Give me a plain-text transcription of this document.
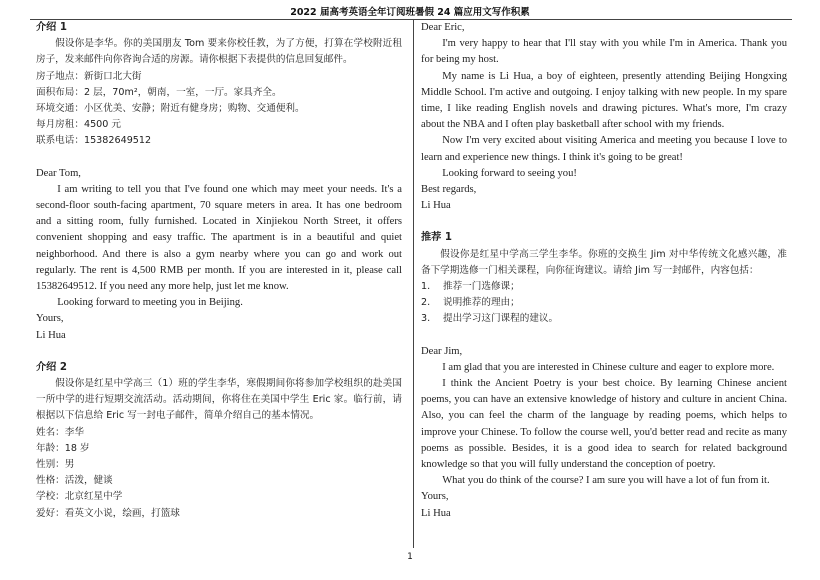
2022 届高考英语全年订阅班暑假 24 篇应用文写作积累
介绍 1
假设你是李华。你的美国朋友 Tom 要来你校任教，为了方便，打算在学校附近租房子，发来邮件向你咨询合适的房源。请你根据下表提供的信息回复邮件。
房子地点：新街口北大街
面积布局：2 层，70m²，朝南，一室，一厅。家具齐全。
环境交通：小区优美、安静；附近有健身房；购物、交通便利。
每月房租：4500 元
联系电话：15382649512
Dear Tom,
I am writing to tell you that I've found one which may meet your needs. It's a second-floor south-facing apartment, 70 square meters in area. It has one bedroom and a sitting room, fully furnished. Located in Xinjiekou North Street, it offers convenient shopping and easy traffic. The apartment is in a beautiful and quiet neighborhood. And there is also a gym nearby where you can go and work out regularly. The rent is 4,500 RMB per month. If you are interested in it, please call 15382649512. If you need any more help, just let me know.
Looking forward to meeting you in Beijing.
Yours,
Li Hua
介绍 2
假设你是红星中学高三（1）班的学生李华，寒假期间你将参加学校组织的赴美国一所中学的进行短期交流活动。活动期间，你将住在美国中学生 Eric 家。临行前，请根据以下信息给 Eric 写一封电子邮件，简单介绍自己的基本情况。
姓名：李华
年龄：18 岁
性别：男
性格：活泼，健谈
学校：北京红星中学
爱好：看英文小说，绘画，打篮球
Dear Eric,
I'm very happy to hear that I'll stay with you while I'm in America. Thank you for being my host.
My name is Li Hua, a boy of eighteen, presently attending Beijing Hongxing Middle School. I'm active and outgoing. I enjoy talking with new people. In my spare time, I like reading English novels and drawing pictures. What's more, I'm crazy about the NBA and I often play basketball after school with my friends.
Now I'm very excited about visiting America and meeting you because I love to learn and experience new things. I think it's going to be great!
Looking forward to seeing you!
Best regards,
Li Hua
推荐 1
假设你是红星中学高三学生李华。你班的交换生 Jim 对中华传统文化感兴趣，准备下学期选修一门相关课程，向你征询建议。请给 Jim 写一封邮件，内容包括：
1.	推荐一门选修课；
2.	说明推荐的理由；
3.	提出学习这门课程的建议。
Dear Jim,
I am glad that you are interested in Chinese culture and eager to explore more.
I think the Ancient Poetry is your best choice. By learning Chinese ancient poems, you can have an extensive knowledge of history and culture in ancient China. Also, you can feel the charm of the language by reading poems, which helps to improve your Chinese. To follow the course well, you'd better read and recite as many poems as possible. Besides, it is a good idea to search for related background knowledge so that you will fully understand the conception of poetry.
What you do think of the course? I am sure you will have a lot of fun from it.
Yours,
Li Hua
1
